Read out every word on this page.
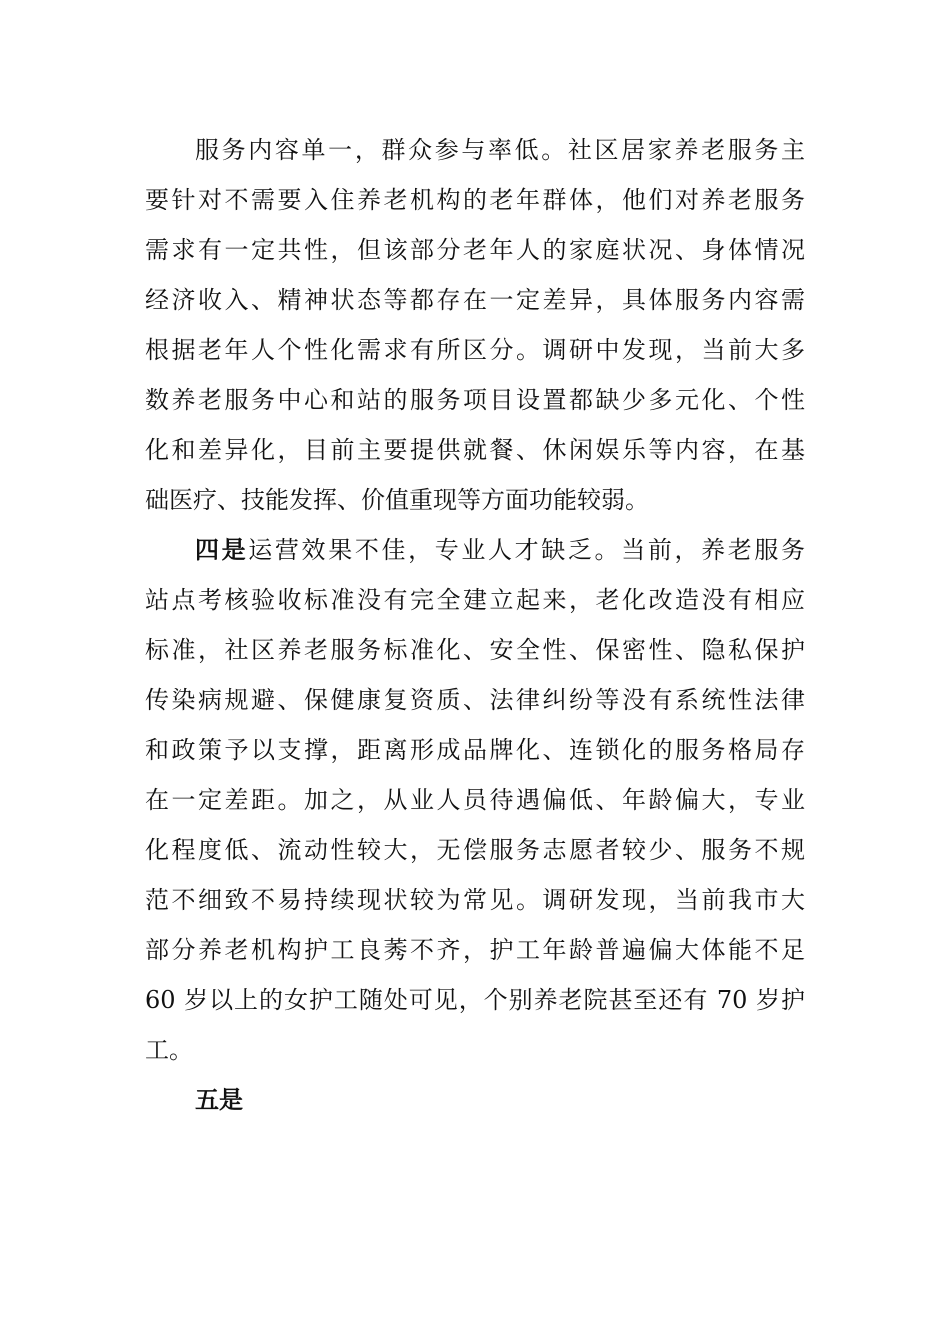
服务内容单一，群众参与率低。社区居家养老服务主
要针对不需要入住养老机构的老年群体，他们对养老服务
需求有一定共性，但该部分老年人的家庭状况、身体情况
经济收入、精神状态等都存在一定差异，具体服务内容需
根据老年人个性化需求有所区分。调研中发现，当前大多
数养老服务中心和站的服务项目设置都缺少多元化、个性
化和差异化，目前主要提供就餐、休闲娱乐等内容，在基
础医疗、技能发挥、价值重现等方面功能较弱。
四是运营效果不佳，专业人才缺乏。当前，养老服务
站点考核验收标准没有完全建立起来，老化改造没有相应
标准，社区养老服务标准化、安全性、保密性、隐私保护
传染病规避、保健康复资质、法律纠纷等没有系统性法律
和政策予以支撑，距离形成品牌化、连锁化的服务格局存
在一定差距。加之，从业人员待遇偏低、年龄偏大，专业
化程度低、流动性较大，无偿服务志愿者较少、服务不规
范不细致不易持续现状较为常见。调研发现，当前我市大
部分养老机构护工良莠不齐，护工年龄普遍偏大体能不足
60 岁以上的女护工随处可见，个别养老院甚至还有 70 岁护
工。
五是
